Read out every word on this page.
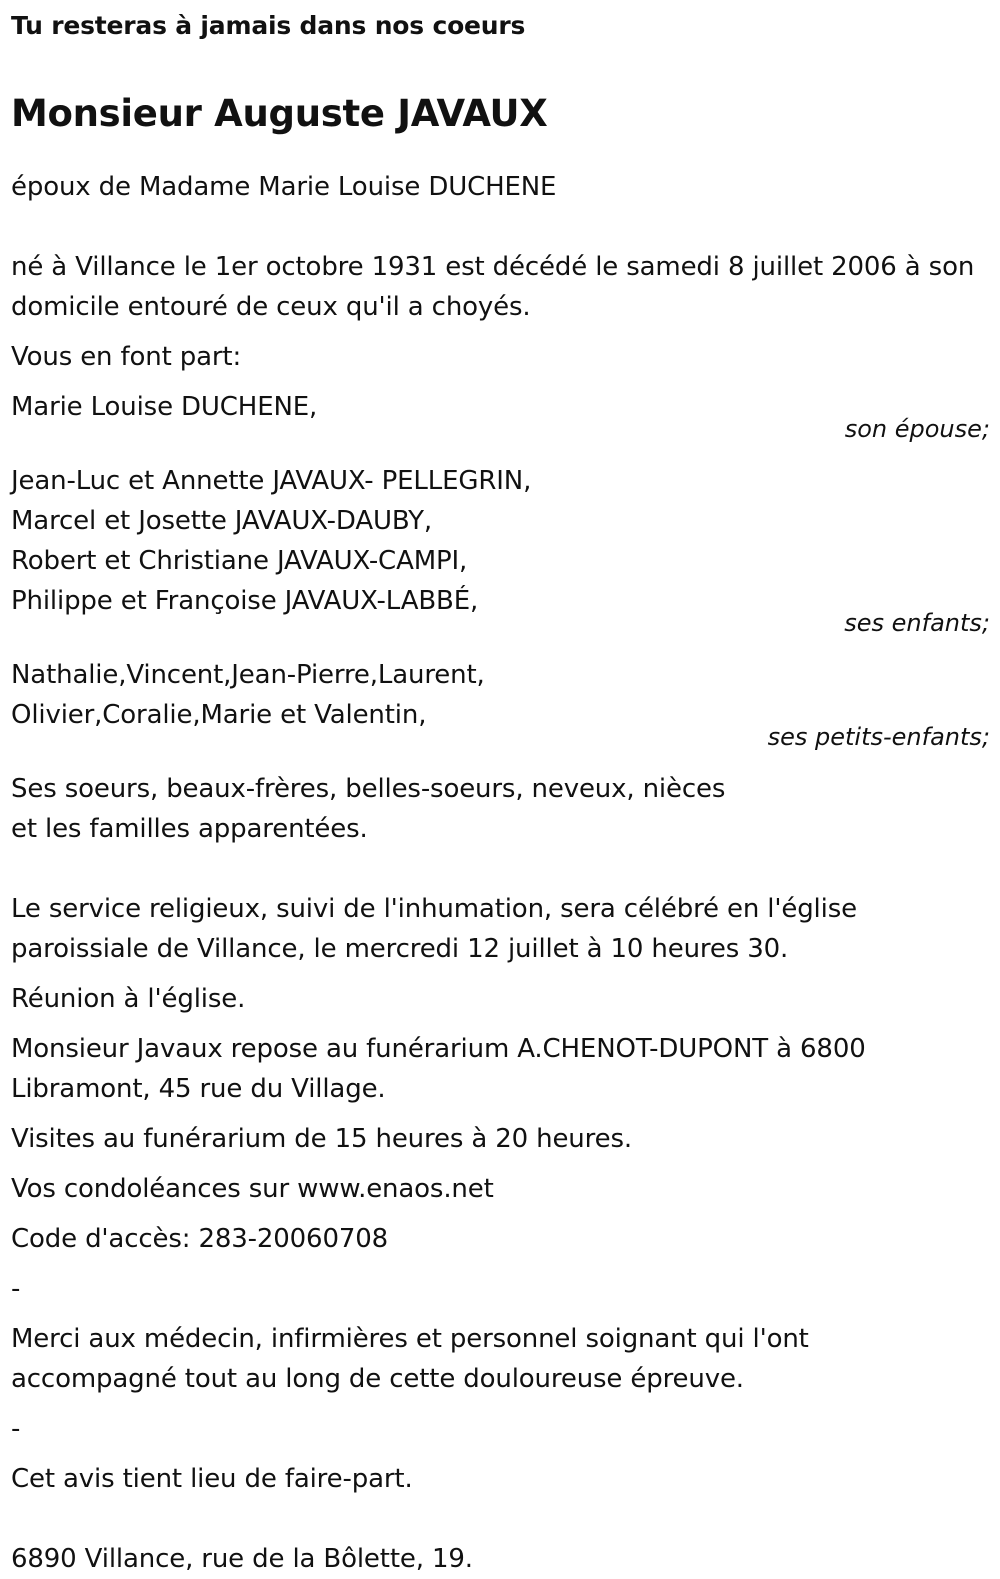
Tu resteras à jamais dans nos coeurs
Monsieur Auguste JAVAUX
époux de Madame Marie Louise DUCHENE
né à Villance le 1er octobre 1931 est décédé le samedi 8 juillet 2006 à son
domicile entouré de ceux qu'il a choyés.
Vous en font part:
Marie Louise DUCHENE,
son épouse;
Jean-Luc et Annette JAVAUX- PELLEGRIN,
Marcel et Josette JAVAUX-DAUBY,
Robert et Christiane JAVAUX-CAMPI,
Philippe et Françoise JAVAUX-LABBÉ,
ses enfants;
Nathalie,Vincent,Jean-Pierre,Laurent,
Olivier,Coralie,Marie et Valentin,
ses petits-enfants;
Ses soeurs, beaux-frères, belles-soeurs, neveux, nièces
et les familles apparentées.
Le service religieux, suivi de l'inhumation, sera célébré en l'église
paroissiale de Villance, le mercredi 12 juillet à 10 heures 30.
Réunion à l'église.
Monsieur Javaux repose au funérarium A.CHENOT-DUPONT à 6800
Libramont, 45 rue du Village.
Visites au funérarium de 15 heures à 20 heures.
Vos condoléances sur www.enaos.net
Code d'accès: 283-20060708
-
Merci aux médecin, infirmières et personnel soignant qui l'ont
accompagné tout au long de cette douloureuse épreuve.
-
Cet avis tient lieu de faire-part.
6890 Villance, rue de la Bôlette, 19.
